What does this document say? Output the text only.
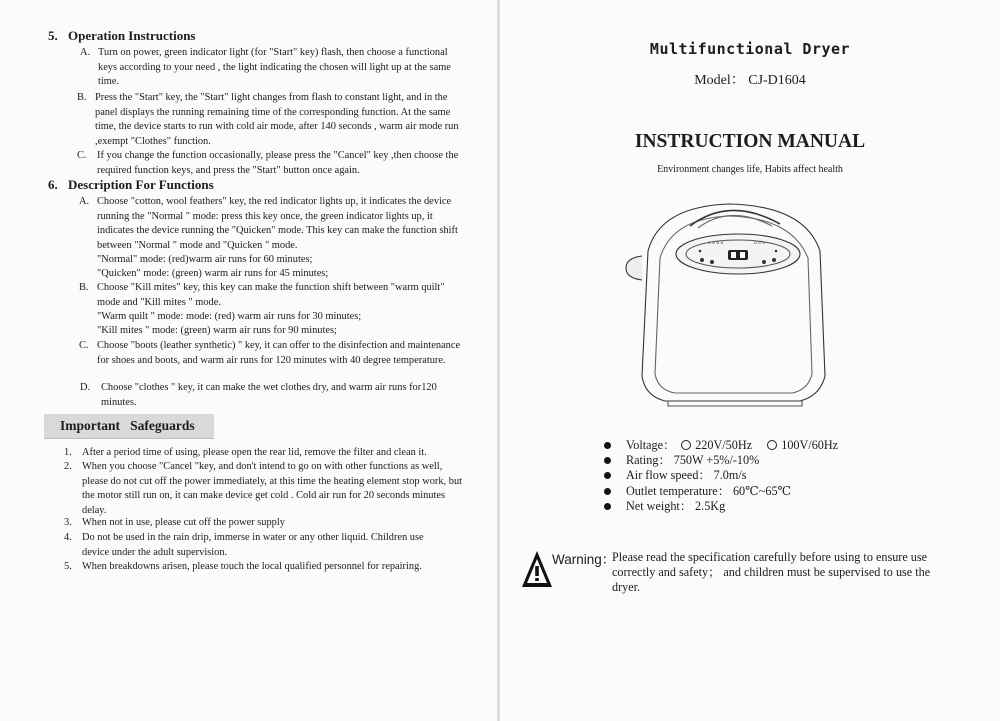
5. Operation Instructions
A. Turn on power, green indicator light (for "Start" key) flash, then choose a functional keys according to your need , the light indicating the chosen will light up at the same time.
B. Press the "Start" key, the "Start" light changes from flash to constant light, and in the panel displays the running remaining time of the corresponding function. At the same time, the device starts to run with cold air mode, after 140 seconds , warm air mode run ,exempt "Clothes" function.
C. If you change the function occasionally, please press the "Cancel" key ,then choose the required function keys, and press the "Start" button once again.
6. Description For Functions
A. Choose "cotton, wool feathers" key, the red indicator lights up, it indicates the device running the "Normal " mode: press this key once, the green indicator lights up, it indicates the device running the "Quicken" mode. This key can make the function shift between "Normal " mode and "Quicken " mode.
"Normal" mode: (red)warm air runs for 60 minutes;
"Quicken" mode: (green) warm air runs for 45 minutes;
B. Choose "Kill mites" key, this key can make the function shift between "warm quilt" mode and "Kill mites " mode.
"Warm quilt " mode: mode: (red) warm air runs for 30 minutes;
"Kill mites " mode: (green) warm air runs for 90 minutes;
C. Choose "boots (leather synthetic) " key, it can offer to the disinfection and maintenance for shoes and boots, and warm air runs for 120 minutes with 40 degree temperature.
D. Choose "clothes " key, it can make the wet clothes dry, and warm air runs for120 minutes.
Important   Safeguards
1. After a period time of using, please open the rear lid, remove the filter and clean it.
2. When you choose "Cancel "key, and don't intend to go on with other functions as well, please do not cut off the power immediately, at this time the heating element stop work, but the motor still run on, it can make device get cold . Cold air run for 20 seconds minutes delay.
3. When not in use, please cut off the power supply
4. Do not be used in the rain drip, immerse in water or any other liquid. Children use device under the adult supervision.
5. When breakdowns arisen, please touch the local qualified personnel for repairing.
Multifunctional Dryer
Model： CJ-D1604
INSTRUCTION MANUAL
Environment changes life, Habits affect health
o o o o	o o o
Voltage： 220V/50Hz 100V/60Hz
Rating： 750W +5%/-10%
Air flow speed： 7.0m/s
Outlet temperature： 60℃~65℃
Net weight： 2.5Kg
Warning：
Please read the specification carefully before using to ensure use correctly and safety； and children must be supervised to use the dryer.
